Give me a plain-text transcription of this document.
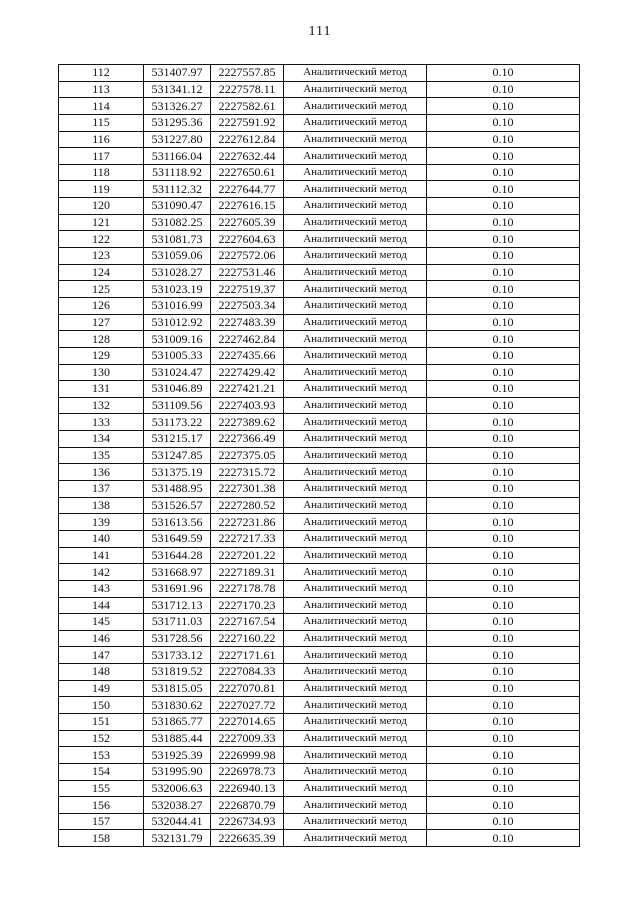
111
112	531407.97	2227557.85	Аналитический метод	0.10
113	531341.12	2227578.11	Аналитический метод	0.10
114	531326.27	2227582.61	Аналитический метод	0.10
115	531295.36	2227591.92	Аналитический метод	0.10
116	531227.80	2227612.84	Аналитический метод	0.10
117	531166.04	2227632.44	Аналитический метод	0.10
118	531118.92	2227650.61	Аналитический метод	0.10
119	531112.32	2227644.77	Аналитический метод	0.10
120	531090.47	2227616.15	Аналитический метод	0.10
121	531082.25	2227605.39	Аналитический метод	0.10
122	531081.73	2227604.63	Аналитический метод	0.10
123	531059.06	2227572.06	Аналитический метод	0.10
124	531028.27	2227531.46	Аналитический метод	0.10
125	531023.19	2227519.37	Аналитический метод	0.10
126	531016.99	2227503.34	Аналитический метод	0.10
127	531012.92	2227483.39	Аналитический метод	0.10
128	531009.16	2227462.84	Аналитический метод	0.10
129	531005.33	2227435.66	Аналитический метод	0.10
130	531024.47	2227429.42	Аналитический метод	0.10
131	531046.89	2227421.21	Аналитический метод	0.10
132	531109.56	2227403.93	Аналитический метод	0.10
133	531173.22	2227389.62	Аналитический метод	0.10
134	531215.17	2227366.49	Аналитический метод	0.10
135	531247.85	2227375.05	Аналитический метод	0.10
136	531375.19	2227315.72	Аналитический метод	0.10
137	531488.95	2227301.38	Аналитический метод	0.10
138	531526.57	2227280.52	Аналитический метод	0.10
139	531613.56	2227231.86	Аналитический метод	0.10
140	531649.59	2227217.33	Аналитический метод	0.10
141	531644.28	2227201.22	Аналитический метод	0.10
142	531668.97	2227189.31	Аналитический метод	0.10
143	531691.96	2227178.78	Аналитический метод	0.10
144	531712.13	2227170.23	Аналитический метод	0.10
145	531711.03	2227167.54	Аналитический метод	0.10
146	531728.56	2227160.22	Аналитический метод	0.10
147	531733.12	2227171.61	Аналитический метод	0.10
148	531819.52	2227084.33	Аналитический метод	0.10
149	531815.05	2227070.81	Аналитический метод	0.10
150	531830.62	2227027.72	Аналитический метод	0.10
151	531865.77	2227014.65	Аналитический метод	0.10
152	531885.44	2227009.33	Аналитический метод	0.10
153	531925.39	2226999.98	Аналитический метод	0.10
154	531995.90	2226978.73	Аналитический метод	0.10
155	532006.63	2226940.13	Аналитический метод	0.10
156	532038.27	2226870.79	Аналитический метод	0.10
157	532044.41	2226734.93	Аналитический метод	0.10
158	532131.79	2226635.39	Аналитический метод	0.10
